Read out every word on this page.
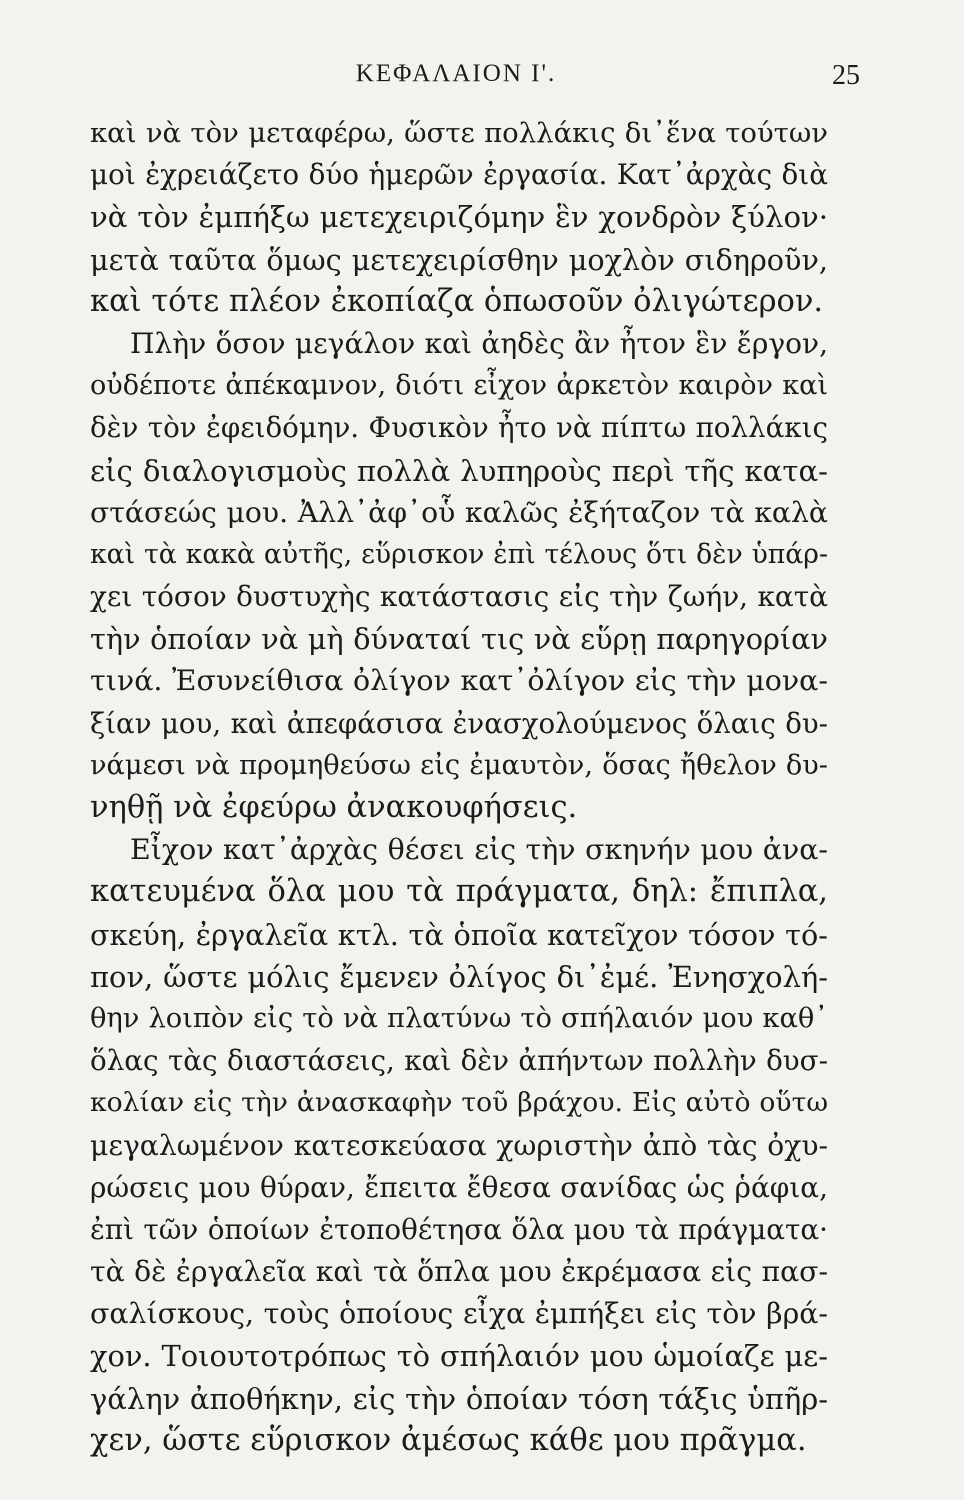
ΚΕΦΑΛΑΙΟΝ Ι'.	25
καὶ νὰ τὸν μεταφέρω, ὥστε πολλάκις δι᾽ἕνα τούτων
μοὶ ἐχρειάζετο δύο ἡμερῶν ἐργασία. Κατ᾽ἀρχὰς διὰ
νὰ τὸν ἐμπήξω μετεχειριζόμην ἓν χονδρὸν ξύλον·
μετὰ ταῦτα ὅμως μετεχειρίσθην μοχλὸν σιδηροῦν,
καὶ τότε πλέον ἐκοπίαζα ὁπωσοῦν ὀλιγώτερον.
Πλὴν ὅσον μεγάλον καὶ ἀηδὲς ἂν ἦτον ἓν ἔργον,
οὐδέποτε ἀπέκαμνον, διότι εἶχον ἀρκετὸν καιρὸν καὶ
δὲν τὸν ἐφειδόμην. Φυσικὸν ἦτο νὰ πίπτω πολλάκις
εἰς διαλογισμοὺς πολλὰ λυπηροὺς περὶ τῆς κατα-
στάσεώς μου. Ἀλλ᾽ἀφ᾽οὗ καλῶς ἐξήταζον τὰ καλὰ
καὶ τὰ κακὰ αὐτῆς, εὕρισκον ἐπὶ τέλους ὅτι δὲν ὑπάρ-
χει τόσον δυστυχὴς κατάστασις εἰς τὴν ζωήν, κατὰ
τὴν ὁποίαν νὰ μὴ δύναταί τις νὰ εὕρῃ παρηγορίαν
τινά. Ἐσυνείθισα ὀλίγον κατ᾽ὀλίγον εἰς τὴν μονα-
ξίαν μου, καὶ ἀπεφάσισα ἐνασχολούμενος ὅλαις δυ-
νάμεσι νὰ προμηθεύσω εἰς ἐμαυτὸν, ὅσας ἤθελον δυ-
νηθῇ νὰ ἐφεύρω ἀνακουφήσεις.
Εἶχον κατ᾽ἀρχὰς θέσει εἰς τὴν σκηνήν μου ἀνα-
κατευμένα ὅλα μου τὰ πράγματα, δηλ: ἔπιπλα,
σκεύη, ἐργαλεῖα κτλ. τὰ ὁποῖα κατεῖχον τόσον τό-
πον, ὥστε μόλις ἔμενεν ὀλίγος δι᾽ἐμέ. Ἐνησχολή-
θην λοιπὸν εἰς τὸ νὰ πλατύνω τὸ σπήλαιόν μου καθ᾽
ὅλας τὰς διαστάσεις, καὶ δὲν ἀπήντων πολλὴν δυσ-
κολίαν εἰς τὴν ἀνασκαφὴν τοῦ βράχου. Εἰς αὐτὸ οὕτω
μεγαλωμένον κατεσκεύασα χωριστὴν ἀπὸ τὰς ὀχυ-
ρώσεις μου θύραν, ἔπειτα ἔθεσα σανίδας ὡς ῥάφια,
ἐπὶ τῶν ὁποίων ἐτοποθέτησα ὅλα μου τὰ πράγματα·
τὰ δὲ ἐργαλεῖα καὶ τὰ ὅπλα μου ἐκρέμασα εἰς πασ-
σαλίσκους, τοὺς ὁποίους εἶχα ἐμπήξει εἰς τὸν βρά-
χον. Τοιουτοτρόπως τὸ σπήλαιόν μου ὡμοίαζε με-
γάλην ἀποθήκην, εἰς τὴν ὁποίαν τόση τάξις ὑπῆρ-
χεν, ὥστε εὕρισκον ἀμέσως κάθε μου πρᾶγμα.
